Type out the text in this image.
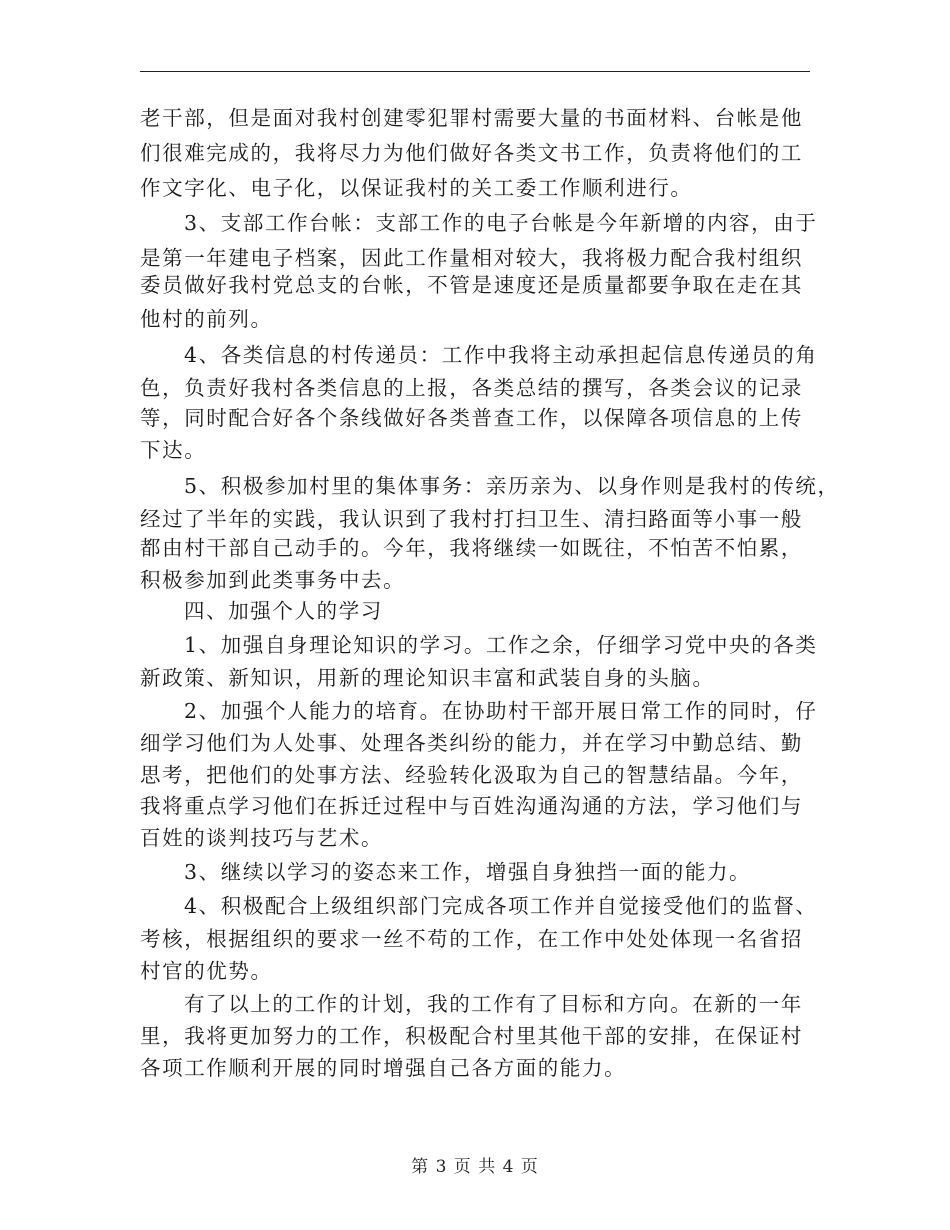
老干部，但是面对我村创建零犯罪村需要大量的书面材料、台帐是他
们很难完成的，我将尽力为他们做好各类文书工作，负责将他们的工
作文字化、电子化，以保证我村的关工委工作顺利进行。
3、支部工作台帐：支部工作的电子台帐是今年新增的内容，由于
是第一年建电子档案，因此工作量相对较大，我将极力配合我村组织
委员做好我村党总支的台帐，不管是速度还是质量都要争取在走在其
他村的前列。
4、各类信息的村传递员：工作中我将主动承担起信息传递员的角
色，负责好我村各类信息的上报，各类总结的撰写，各类会议的记录
等，同时配合好各个条线做好各类普查工作，以保障各项信息的上传
下达。
5、积极参加村里的集体事务：亲历亲为、以身作则是我村的传统，
经过了半年的实践，我认识到了我村打扫卫生、清扫路面等小事一般
都由村干部自己动手的。今年，我将继续一如既往，不怕苦不怕累，
积极参加到此类事务中去。
四、加强个人的学习
1、加强自身理论知识的学习。工作之余，仔细学习党中央的各类
新政策、新知识，用新的理论知识丰富和武装自身的头脑。
2、加强个人能力的培育。在协助村干部开展日常工作的同时，仔
细学习他们为人处事、处理各类纠纷的能力，并在学习中勤总结、勤
思考，把他们的处事方法、经验转化汲取为自己的智慧结晶。今年，
我将重点学习他们在拆迁过程中与百姓沟通沟通的方法，学习他们与
百姓的谈判技巧与艺术。
3、继续以学习的姿态来工作，增强自身独挡一面的能力。
4、积极配合上级组织部门完成各项工作并自觉接受他们的监督、
考核，根据组织的要求一丝不苟的工作，在工作中处处体现一名省招
村官的优势。
有了以上的工作的计划，我的工作有了目标和方向。在新的一年
里，我将更加努力的工作，积极配合村里其他干部的安排，在保证村
各项工作顺利开展的同时增强自己各方面的能力。
第 3 页 共 4 页
